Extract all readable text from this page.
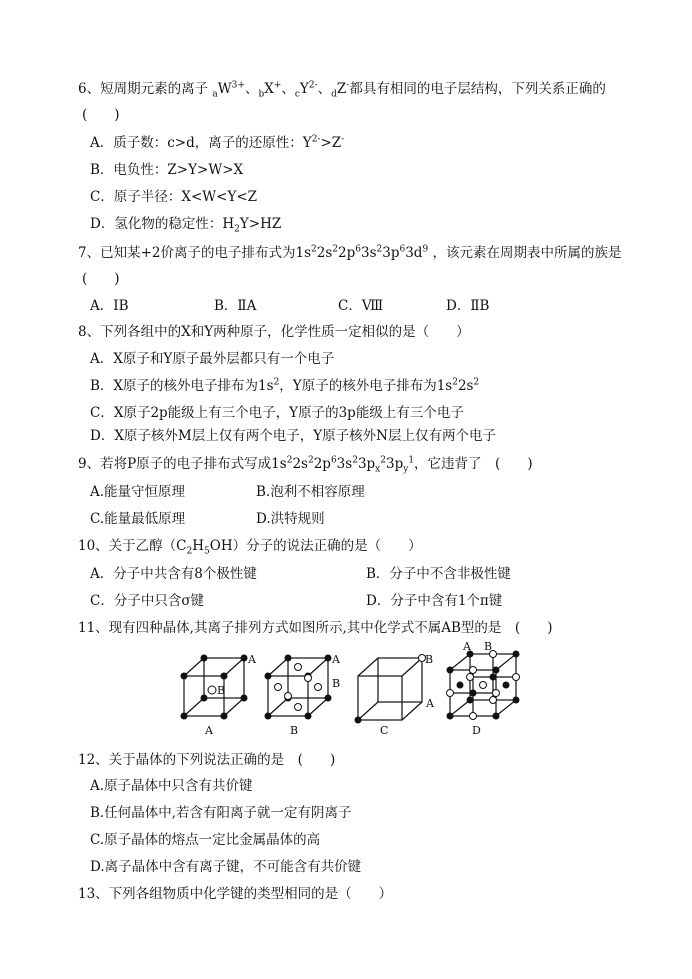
6、短周期元素的离子 $_aW^{3+}$、$_b$X+、$_cY^{2-}$、$_d$Z-都具有相同的电子层结构，下列关系正确的
(　　)
A．质子数：c>d，离子的还原性：$Y^{2-}>Z^-$
B．电负性：Z>Y>W>X
C．原子半径：X<W<Y<Z
D．氢化物的稳定性：$H_2Y>HZ$
7、已知某+2价离子的电子排布式为$1s^22s^22p^63s^23p^63d^9$ ，该元素在周期表中所属的族是
(　　)
A．ⅠB	B．ⅡA	C．Ⅷ	D．ⅡB
8、下列各组中的X和Y两种原子，化学性质一定相似的是（　　）
A．X原子和Y原子最外层都只有一个电子
B．X原子的核外电子排布为$1s^2$，Y原子的核外电子排布为$1s^22s^2$
C．X原子2p能级上有三个电子，Y原子的3p能级上有三个电子
D．X原子核外M层上仅有两个电子，Y原子核外N层上仅有两个电子
9、若将P原子的电子排布式写成$1s^22s^22p^63s^23p_x^23p_y^1$，它违背了　(　　)
A.能量守恒原理	B.泡利不相容原理
C.能量最低原理	D.洪特规则
10、关于乙醇$(C_2H_5OH)$分子的说法正确的是（　　）
A．分子中共含有8个极性键	B．分子中不含非极性键
C．分子中只含σ键	D．分子中含有1个π键
11、现有四种晶体,其离子排列方式如图所示,其中化学式不属AB型的是　(　　)
A
B
A
B
B
A
A B
A	B	C	D
12、关于晶体的下列说法正确的是　(　　)
A.原子晶体中只含有共价键
B.任何晶体中,若含有阳离子就一定有阴离子
C.原子晶体的熔点一定比金属晶体的高
D.离子晶体中含有离子键，不可能含有共价键
13、下列各组物质中化学键的类型相同的是（　　）
